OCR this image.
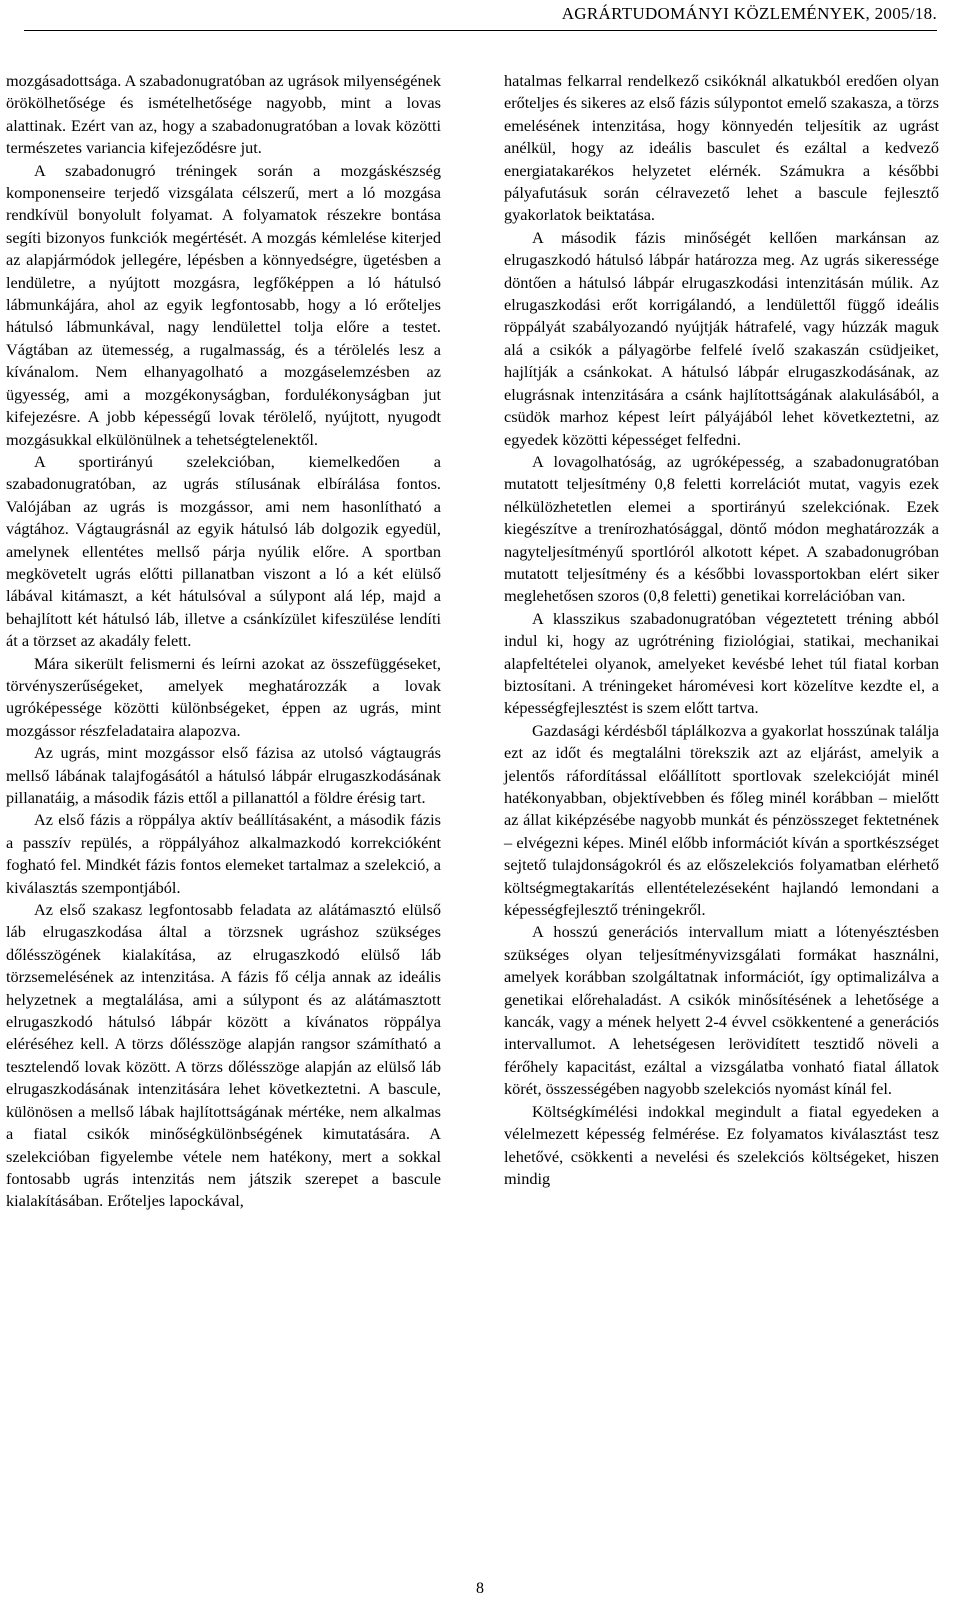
AGRÁRTUDOMÁNYI KÖZLEMÉNYEK, 2005/18.

mozgásadottsága. A szabadonugratóban az ugrások milyenségének örökölhetősége és ismételhetősége nagyobb, mint a lovas alattinak. Ezért van az, hogy a szabadonugratóban a lovak közötti természetes variancia kifejeződésre jut.

A szabadonugró tréningek során a mozgáskészség komponenseire terjedő vizsgálata célszerű, mert a ló mozgása rendkívül bonyolult folyamat. A folyamatok részekre bontása segíti bizonyos funkciók megértését. A mozgás kémlelése kiterjed az alapjármódok jellegére, lépésben a könnyedségre, ügetésben a lendületre, a nyújtott mozgásra, legfőképpen a ló hátulsó lábmunkájára, ahol az egyik legfontosabb, hogy a ló erőteljes hátulsó lábmunkával, nagy lendülettel tolja előre a testet. Vágtában az ütemesség, a rugalmasság, és a térölelés lesz a kívánalom. Nem elhanyagolható a mozgáselemzésben az ügyesség, ami a mozgékonyságban, fordulékonyságban jut kifejezésre. A jobb képességű lovak térölelő, nyújtott, nyugodt mozgásukkal elkülönülnek a tehetségtelenektől.

A sportirányú szelekcióban, kiemelkedően a szabadonugratóban, az ugrás stílusának elbírálása fontos. Valójában az ugrás is mozgássor, ami nem hasonlítható a vágtához. Vágtaugrásnál az egyik hátulsó láb dolgozik egyedül, amelynek ellentétes mellső párja nyúlik előre. A sportban megkövetelt ugrás előtti pillanatban viszont a ló a két elülső lábával kitámaszt, a két hátulsóval a súlypont alá lép, majd a behajlított két hátulsó láb, illetve a csánkízület kifeszülése lendíti át a törzset az akadály felett.

Mára sikerült felismerni és leírni azokat az összefüggéseket, törvényszerűségeket, amelyek meghatározzák a lovak ugróképessége közötti különbségeket, éppen az ugrás, mint mozgássor részfeladataira alapozva.

Az ugrás, mint mozgássor első fázisa az utolsó vágtaugrás mellső lábának talajfogásától a hátulsó lábpár elrugaszkodásának pillanatáig, a második fázis ettől a pillanattól a földre érésig tart.

Az első fázis a röppálya aktív beállításaként, a második fázis a passzív repülés, a röppályához alkalmazkodó korrekcióként fogható fel. Mindkét fázis fontos elemeket tartalmaz a szelekció, a kiválasztás szempontjából.

Az első szakasz legfontosabb feladata az alátámasztó elülső láb elrugaszkodása által a törzsnek ugráshoz szükséges dőlésszögének kialakítása, az elrugaszkodó elülső láb törzsemelésének az intenzitása. A fázis fő célja annak az ideális helyzetnek a megtalálása, ami a súlypont és az alátámasztott elrugaszkodó hátulsó lábpár között a kívánatos röppálya eléréséhez kell. A törzs dőlésszöge alapján rangsor számítható a tesztelendő lovak között. A törzs dőlésszöge alapján az elülső láb elrugaszkodásának intenzitására lehet következtetni. A bascule, különösen a mellső lábak hajlítottságának mértéke, nem alkalmas a fiatal csikók minőségkülönbségének kimutatására. A szelekcióban figyelembe vétele nem hatékony, mert a sokkal fontosabb ugrás intenzitás nem játszik szerepet a bascule kialakításában. Erőteljes lapockával,

hatalmas felkarral rendelkező csikóknál alkatukból eredően olyan erőteljes és sikeres az első fázis súlypontot emelő szakasza, a törzs emelésének intenzitása, hogy könnyedén teljesítik az ugrást anélkül, hogy az ideális basculet és ezáltal a kedvező energiatakarékos helyzetet elérnék. Számukra a későbbi pályafutásuk során célravezető lehet a bascule fejlesztő gyakorlatok beiktatása.

A második fázis minőségét kellően markánsan az elrugaszkodó hátulsó lábpár határozza meg. Az ugrás sikeressége döntően a hátulsó lábpár elrugaszkodási intenzitásán múlik. Az elrugaszkodási erőt korrigálandó, a lendülettől függő ideális röppályát szabályozandó nyújtják hátrafelé, vagy húzzák maguk alá a csikók a pályagörbe felfelé ívelő szakaszán csüdjeiket, hajlítják a csánkokat. A hátulsó lábpár elrugaszkodásának, az elugrásnak intenzitására a csánk hajlítottságának alakulásából, a csüdök marhoz képest leírt pályájából lehet következtetni, az egyedek közötti képességet felfedni.

A lovagolhatóság, az ugróképesség, a szabadonugratóban mutatott teljesítmény 0,8 feletti korrelációt mutat, vagyis ezek nélkülözhetetlen elemei a sportirányú szelekciónak. Ezek kiegészítve a trenírozhatósággal, döntő módon meghatározzák a nagyteljesítményű sportlóról alkotott képet. A szabadonugróban mutatott teljesítmény és a későbbi lovassportokban elért siker meglehetősen szoros (0,8 feletti) genetikai korrelációban van.

A klasszikus szabadonugratóban végeztetett tréning abból indul ki, hogy az ugrótréning fiziológiai, statikai, mechanikai alapfeltételei olyanok, amelyeket kevésbé lehet túl fiatal korban biztosítani. A tréningeket háromévesi kort közelítve kezdte el, a képességfejlesztést is szem előtt tartva.

Gazdasági kérdésből táplálkozva a gyakorlat hosszúnak találja ezt az időt és megtalálni törekszik azt az eljárást, amelyik a jelentős ráfordítással előállított sportlovak szelekcióját minél hatékonyabban, objektívebben és főleg minél korábban – mielőtt az állat kiképzésébe nagyobb munkát és pénzösszeget fektetnének – elvégezni képes. Minél előbb információt kíván a sportkészséget sejtető tulajdonságokról és az előszelekciós folyamatban elérhető költségmegtakarítás ellentételezéseként hajlandó lemondani a képességfejlesztő tréningekről.

A hosszú generációs intervallum miatt a lótenyésztésben szükséges olyan teljesítményvizsgálati formákat használni, amelyek korábban szolgáltatnak információt, így optimalizálva a genetikai előrehaladást. A csikók minősítésének a lehetősége a kancák, vagy a mének helyett 2-4 évvel csökkentené a generációs intervallumot. A lehetségesen lerövidített tesztidő növeli a férőhely kapacitást, ezáltal a vizsgálatba vonható fiatal állatok körét, összességében nagyobb szelekciós nyomást kínál fel.

Költségkímélési indokkal megindult a fiatal egyedeken a vélelmezett képesség felmérése. Ez folyamatos kiválasztást tesz lehetővé, csökkenti a nevelési és szelekciós költségeket, hiszen mindig

8
